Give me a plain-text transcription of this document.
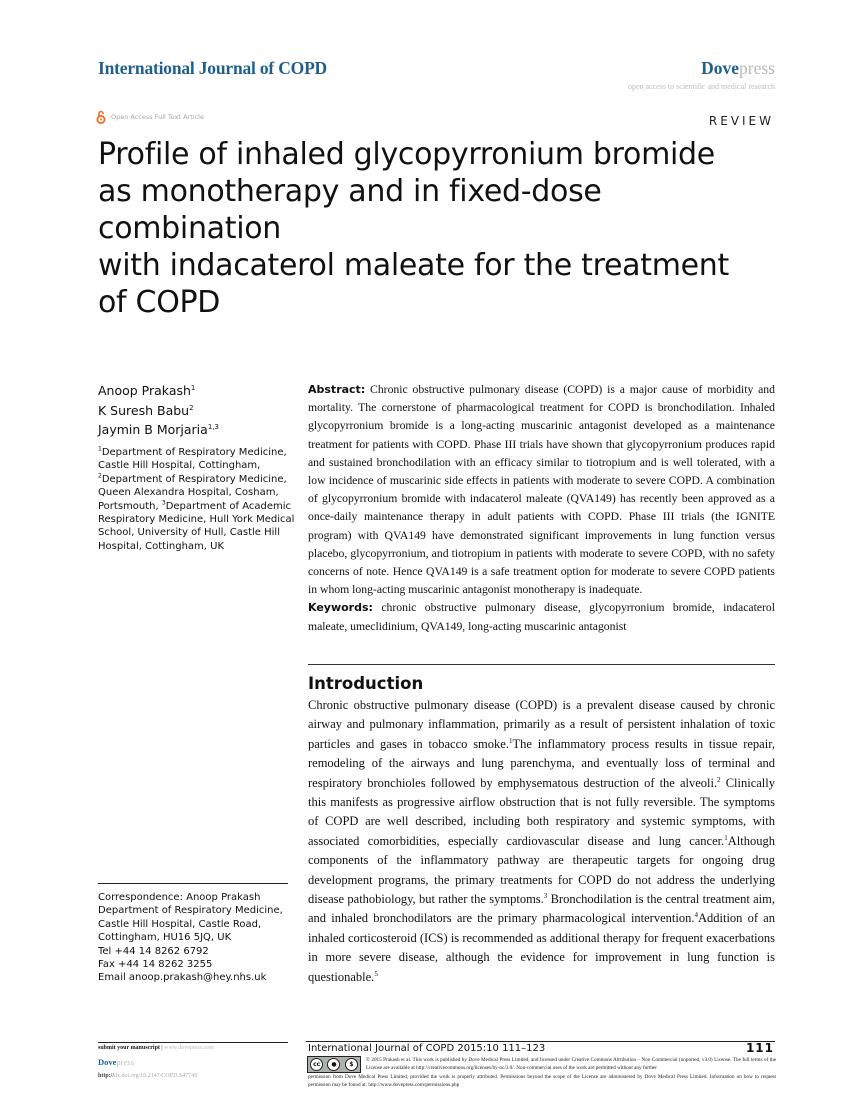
International Journal of COPD	Dovepress
open access to scientific and medical research
Open Access Full Text Article	REVIEW
Profile of inhaled glycopyrronium bromide
as monotherapy and in fixed-dose combination
with indacaterol maleate for the treatment
of COPD
Anoop Prakash$^1$
K Suresh Babu$^2$
Jaymin B Morjaria$^{1,3}$
$^1$Department of Respiratory Medicine, Castle Hill Hospital, Cottingham, $^2$Department of Respiratory Medicine, Queen Alexandra Hospital, Cosham, Portsmouth, $^3$Department of Academic Respiratory Medicine, Hull York Medical School, University of Hull, Castle Hill Hospital, Cottingham, UK
Correspondence: Anoop Prakash
Department of Respiratory Medicine,
Castle Hill Hospital, Castle Road,
Cottingham, HU16 5JQ, UK
Tel +44 14 8262 6792
Fax +44 14 8262 3255
Email anoop.prakash@hey.nhs.uk
Abstract: Chronic obstructive pulmonary disease (COPD) is a major cause of morbidity and mortality. The cornerstone of pharmacological treatment for COPD is bronchodilation. Inhaled glycopyrronium bromide is a long-acting muscarinic antagonist developed as a maintenance treatment for patients with COPD. Phase III trials have shown that glycopyrronium produces rapid and sustained bronchodilation with an efficacy similar to tiotropium and is well tolerated, with a low incidence of muscarinic side effects in patients with moderate to severe COPD. A combination of glycopyrronium bromide with indacaterol maleate (QVA149) has recently been approved as a once-daily maintenance therapy in adult patients with COPD. Phase III trials (the IGNITE program) with QVA149 have demonstrated significant improvements in lung function versus placebo, glycopyrronium, and tiotropium in patients with moderate to severe COPD, with no safety concerns of note. Hence QVA149 is a safe treatment option for moderate to severe COPD patients in whom long-acting muscarinic antagonist monotherapy is inadequate.
Keywords: chronic obstructive pulmonary disease, glycopyrronium bromide, indacaterol maleate, umeclidinium, QVA149, long-acting muscarinic antagonist
Introduction
Chronic obstructive pulmonary disease (COPD) is a prevalent disease caused by chronic airway and pulmonary inflammation, primarily as a result of persistent inhalation of toxic particles and gases in tobacco smoke.$^1$The inflammatory process results in tissue repair, remodeling of the airways and lung parenchyma, and eventually loss of terminal and respiratory bronchioles followed by emphysematous destruction of the alveoli.$^2$ Clinically this manifests as progressive airflow obstruction that is not fully reversible. The symptoms of COPD are well described, including both respiratory and systemic symptoms, with associated comorbidities, especially cardiovascular disease and lung cancer.$^1$Although components of the inflammatory pathway are therapeutic targets for ongoing drug development programs, the primary treatments for COPD do not address the underlying disease pathobiology, but rather the symptoms.$^3$ Bronchodilation is the central treatment aim, and inhaled bronchodilators are the primary pharmacological intervention.$^4$Addition of an inhaled corticosteroid (ICS) is recommended as additional therapy for frequent exacerbations in more severe disease, although the evidence for improvement in lung function is questionable.$^5$
submit your manuscript | www.dovepress.com
Dovepress
http://dx.doi.org/10.2147/COPD.S47749
International Journal of COPD 2015:10 111–123	111
cc	●	$
© 2015 Prakash et al. This work is published by Dove Medical Press Limited, and licensed under Creative Commons Attribution – Non Commercial (unported, v3.0) License. The full terms of the License are available at http://creativecommons.org/licenses/by-nc/3.0/. Non-commercial uses of the work are permitted without any further
permission from Dove Medical Press Limited, provided the work is properly attributed. Permissions beyond the scope of the License are administered by Dove Medical Press Limited. Information on how to request permission may be found at: http://www.dovepress.com/permissions.php
